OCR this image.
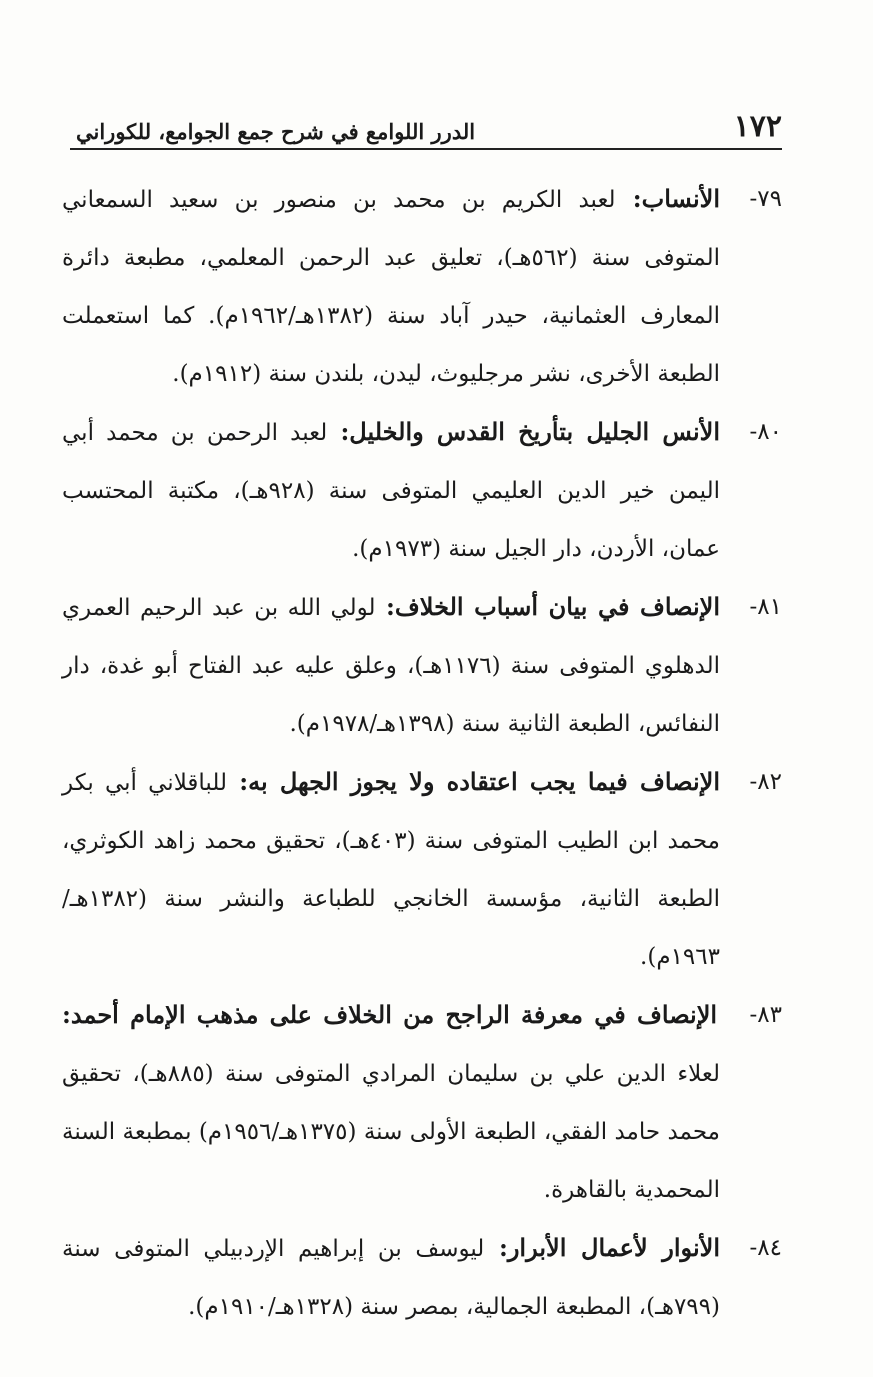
١٧٢
الدرر اللوامع في شرح جمع الجوامع، للكوراني
٧٩-
الأنساب: لعبد الكريم بن محمد بن منصور بن سعيد السمعاني المتوفى سنة (٥٦٢هـ)، تعليق عبد الرحمن المعلمي، مطبعة دائرة المعارف العثمانية، حيدر آباد سنة (١٣٨٢هـ/١٩٦٢م). كما استعملت الطبعة الأخرى، نشر مرجليوث، ليدن، بلندن سنة (١٩١٢م).
٨٠-
الأنس الجليل بتأريخ القدس والخليل: لعبد الرحمن بن محمد أبي اليمن خير الدين العليمي المتوفى سنة (٩٢٨هـ)، مكتبة المحتسب عمان، الأردن، دار الجيل سنة (١٩٧٣م).
٨١-
الإنصاف في بيان أسباب الخلاف: لولي الله بن عبد الرحيم العمري الدهلوي المتوفى سنة (١١٧٦هـ)، وعلق عليه عبد الفتاح أبو غدة، دار النفائس، الطبعة الثانية سنة (١٣٩٨هـ/١٩٧٨م).
٨٢-
الإنصاف فيما يجب اعتقاده ولا يجوز الجهل به: للباقلاني أبي بكر محمد ابن الطيب المتوفى سنة (٤٠٣هـ)، تحقيق محمد زاهد الكوثري، الطبعة الثانية، مؤسسة الخانجي للطباعة والنشر سنة (١٣٨٢هـ/١٩٦٣م).
٨٣-
الإنصاف في معرفة الراجح من الخلاف على مذهب الإمام أحمد: لعلاء الدين علي بن سليمان المرادي المتوفى سنة (٨٨٥هـ)، تحقيق محمد حامد الفقي، الطبعة الأولى سنة (١٣٧٥هـ/١٩٥٦م) بمطبعة السنة المحمدية بالقاهرة.
٨٤-
الأنوار لأعمال الأبرار: ليوسف بن إبراهيم الإردبيلي المتوفى سنة (٧٩٩هـ)، المطبعة الجمالية، بمصر سنة (١٣٢٨هـ/١٩١٠م).
